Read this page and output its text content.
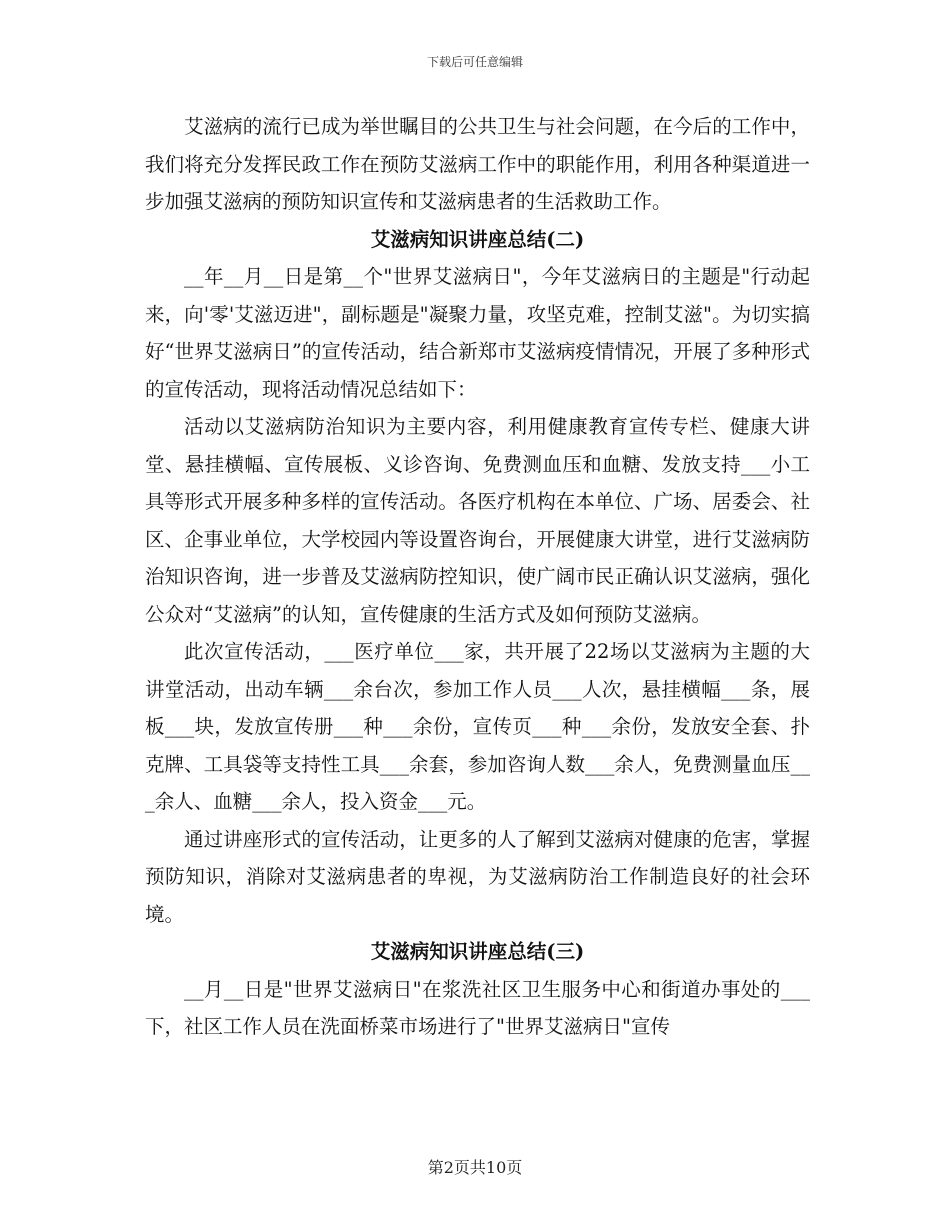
下载后可任意编辑

艾滋病的流行已成为举世瞩目的公共卫生与社会问题，在今后的工作中，我们将充分发挥民政工作在预防艾滋病工作中的职能作用，利用各种渠道进一步加强艾滋病的预防知识宣传和艾滋病患者的生活救助工作。

艾滋病知识讲座总结(二)

__年__月__日是第__个"世界艾滋病日"，今年艾滋病日的主题是"行动起来，向'零'艾滋迈进"，副标题是"凝聚力量，攻坚克难，控制艾滋"。为切实搞好“世界艾滋病日”的宣传活动，结合新郑市艾滋病疫情情况，开展了多种形式的宣传活动，现将活动情况总结如下：

活动以艾滋病防治知识为主要内容，利用健康教育宣传专栏、健康大讲堂、悬挂横幅、宣传展板、义诊咨询、免费测血压和血糖、发放支持___小工具等形式开展多种多样的宣传活动。各医疗机构在本单位、广场、居委会、社区、企事业单位，大学校园内等设置咨询台，开展健康大讲堂，进行艾滋病防治知识咨询，进一步普及艾滋病防控知识，使广阔市民正确认识艾滋病，强化公众对“艾滋病”的认知，宣传健康的生活方式及如何预防艾滋病。

此次宣传活动，___医疗单位___家，共开展了22场以艾滋病为主题的大讲堂活动，出动车辆___余台次，参加工作人员___人次，悬挂横幅___条，展板___块，发放宣传册___种___余份，宣传页___种___余份，发放安全套、扑克牌、工具袋等支持性工具___余套，参加咨询人数___余人，免费测量血压___余人、血糖___余人，投入资金___元。

通过讲座形式的宣传活动，让更多的人了解到艾滋病对健康的危害，掌握预防知识，消除对艾滋病患者的卑视，为艾滋病防治工作制造良好的社会环境。

艾滋病知识讲座总结(三)

__月__日是"世界艾滋病日"在浆洗社区卫生服务中心和街道办事处的___下，社区工作人员在洗面桥菜市场进行了"世界艾滋病日"宣传

第2页共10页
